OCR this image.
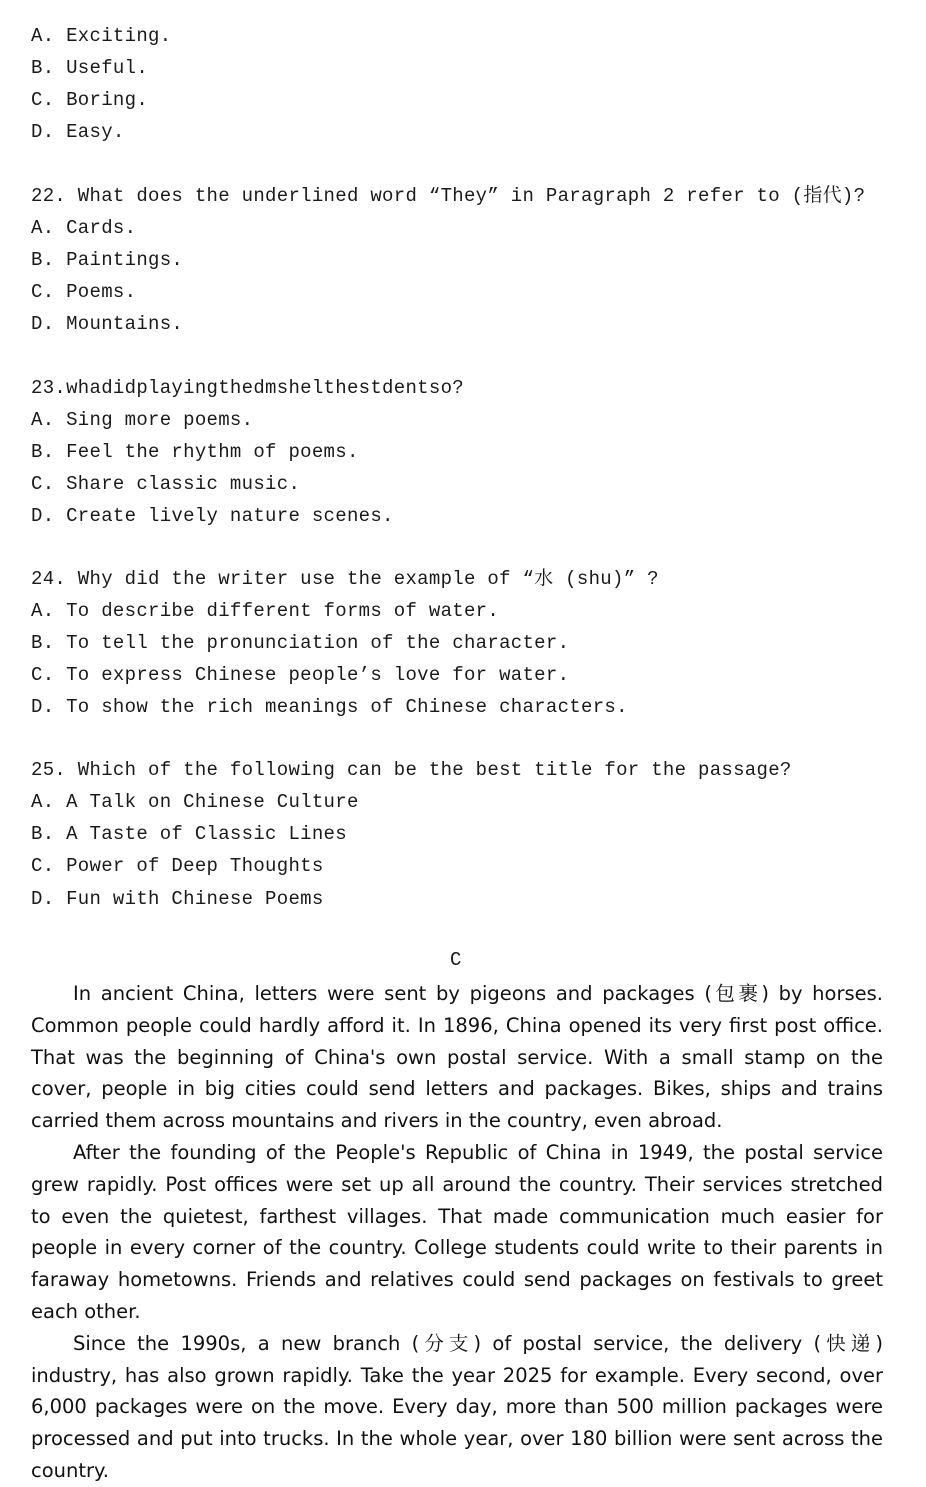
A. Exciting.
B. Useful.
C. Boring.
D. Easy.
22. What does the underlined word “They” in Paragraph 2 refer to (指代)?
A. Cards.
B. Paintings.
C. Poems.
D. Mountains.
23.whadidplayingthedmshelthestdentso?
A. Sing more poems.
B. Feel the rhythm of poems.
C. Share classic music.
D. Create lively nature scenes.
24. Why did the writer use the example of “水 (shu)” ?
A. To describe different forms of water.
B. To tell the pronunciation of the character.
C. To express Chinese people’s love for water.
D. To show the rich meanings of Chinese characters.
25. Which of the following can be the best title for the passage?
A. A Talk on Chinese Culture
B. A Taste of Classic Lines
C. Power of Deep Thoughts
D. Fun with Chinese Poems
C

In ancient China, letters were sent by pigeons and packages (包裹) by horses. Common people could hardly afford it. In 1896, China opened its very first post office. That was the beginning of China's own postal service. With a small stamp on the cover, people in big cities could send letters and packages. Bikes, ships and trains carried them across mountains and rivers in the country, even abroad.

After the founding of the People's Republic of China in 1949, the postal service grew rapidly. Post offices were set up all around the country. Their services stretched to even the quietest, farthest villages. That made communication much easier for people in every corner of the country. College students could write to their parents in faraway hometowns. Friends and relatives could send packages on festivals to greet each other.

Since the 1990s, a new branch (分支) of postal service, the delivery (快递) industry, has also grown rapidly. Take the year 2025 for example. Every second, over 6,000 packages were on the move. Every day, more than 500 million packages were processed and put into trucks. In the whole year, over 180 billion were sent across the country.
